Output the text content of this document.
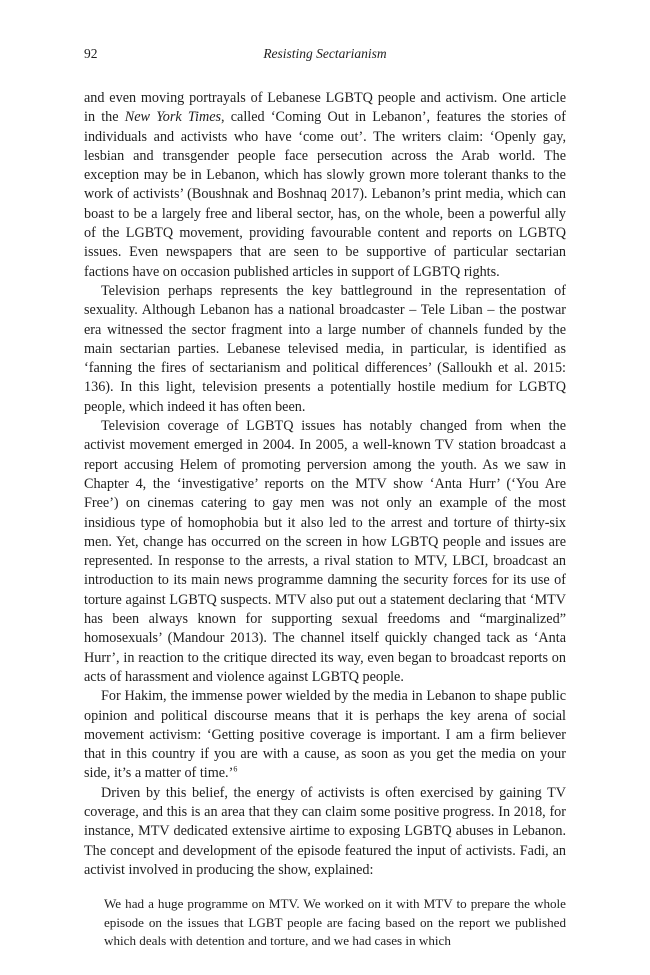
92	Resisting Sectarianism

and even moving portrayals of Lebanese LGBTQ people and activism. One article in the New York Times, called ‘Coming Out in Lebanon’, features the stories of individuals and activists who have ‘come out’. The writers claim: ‘Openly gay, lesbian and transgender people face persecution across the Arab world. The exception may be in Lebanon, which has slowly grown more tolerant thanks to the work of activists’ (Boushnak and Boshnaq 2017). Lebanon’s print media, which can boast to be a largely free and liberal sector, has, on the whole, been a powerful ally of the LGBTQ movement, providing favourable content and reports on LGBTQ issues. Even newspapers that are seen to be supportive of particular sectarian factions have on occasion published articles in support of LGBTQ rights.

Television perhaps represents the key battleground in the representation of sexuality. Although Lebanon has a national broadcaster – Tele Liban – the postwar era witnessed the sector fragment into a large number of channels funded by the main sectarian parties. Lebanese televised media, in particular, is identified as ‘fanning the fires of sectarianism and political differences’ (Salloukh et al. 2015: 136). In this light, television presents a potentially hostile medium for LGBTQ people, which indeed it has often been.

Television coverage of LGBTQ issues has notably changed from when the activist movement emerged in 2004. In 2005, a well-known TV station broadcast a report accusing Helem of promoting perversion among the youth. As we saw in Chapter 4, the ‘investigative’ reports on the MTV show ‘Anta Hurr’ (‘You Are Free’) on cinemas catering to gay men was not only an example of the most insidious type of homophobia but it also led to the arrest and torture of thirty-six men. Yet, change has occurred on the screen in how LGBTQ people and issues are represented. In response to the arrests, a rival station to MTV, LBCI, broadcast an introduction to its main news programme damning the security forces for its use of torture against LGBTQ suspects. MTV also put out a statement declaring that ‘MTV has been always known for supporting sexual freedoms and “marginalized” homosexuals’ (Mandour 2013). The channel itself quickly changed tack as ‘Anta Hurr’, in reaction to the critique directed its way, even began to broadcast reports on acts of harassment and violence against LGBTQ people.

For Hakim, the immense power wielded by the media in Lebanon to shape public opinion and political discourse means that it is perhaps the key arena of social movement activism: ‘Getting positive coverage is important. I am a firm believer that in this country if you are with a cause, as soon as you get the media on your side, it’s a matter of time.’$^6$

Driven by this belief, the energy of activists is often exercised by gaining TV coverage, and this is an area that they can claim some positive progress. In 2018, for instance, MTV dedicated extensive airtime to exposing LGBTQ abuses in Lebanon. The concept and development of the episode featured the input of activists. Fadi, an activist involved in producing the show, explained:

We had a huge programme on MTV. We worked on it with MTV to prepare the whole episode on the issues that LGBT people are facing based on the report we published which deals with detention and torture, and we had cases in which
